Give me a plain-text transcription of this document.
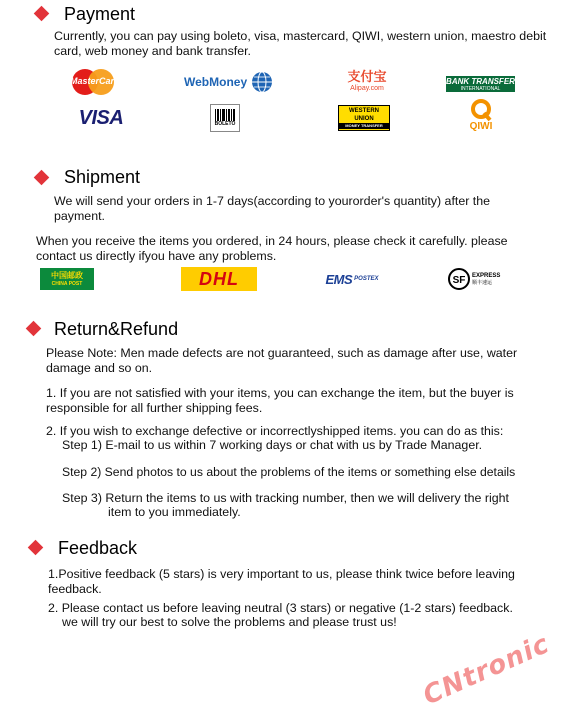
Payment
Currently, you can pay using boleto, visa, mastercard, QIWI, western union, maestro debit card, web money and bank transfer.
MasterCard	WebMoney	支付宝
Alipay.com
BANK TRANSFER
INTERNATIONAL
VISA	BOLETO
WESTERN UNION
MONEY TRANSFER	QIWI
Shipment
We will send your orders in 1-7 days(according to yourorder's quantity) after the payment.
When you receive the items you ordered, in 24 hours, please check it carefully. please contact us directly ifyou have any problems.
中国邮政
CHINA POST	DHL	EMS POSTEX	SF EXPRESS
顺丰速运
Return&Refund
Please Note: Men made defects are not guaranteed, such as damage after use, water damage and so on.
1. If you are not satisfied with your items, you can exchange the item, but the buyer is responsible for all further shipping fees.
2. If you wish to exchange defective or incorrectlyshipped items. you can do as this:
Step 1) E-mail to us within 7 working days or chat with us by Trade Manager.
Step 2) Send photos to us about the problems of the items or something else details
Step 3) Return the items to us with tracking number, then we will delivery the right
item to you immediately.
Feedback
1.Positive feedback (5 stars) is very important to us, please think twice before leaving feedback.
2. Please contact us before leaving neutral (3 stars) or negative (1-2 stars) feedback.
we will try our best to solve the problems and please trust us!
CNtronic
